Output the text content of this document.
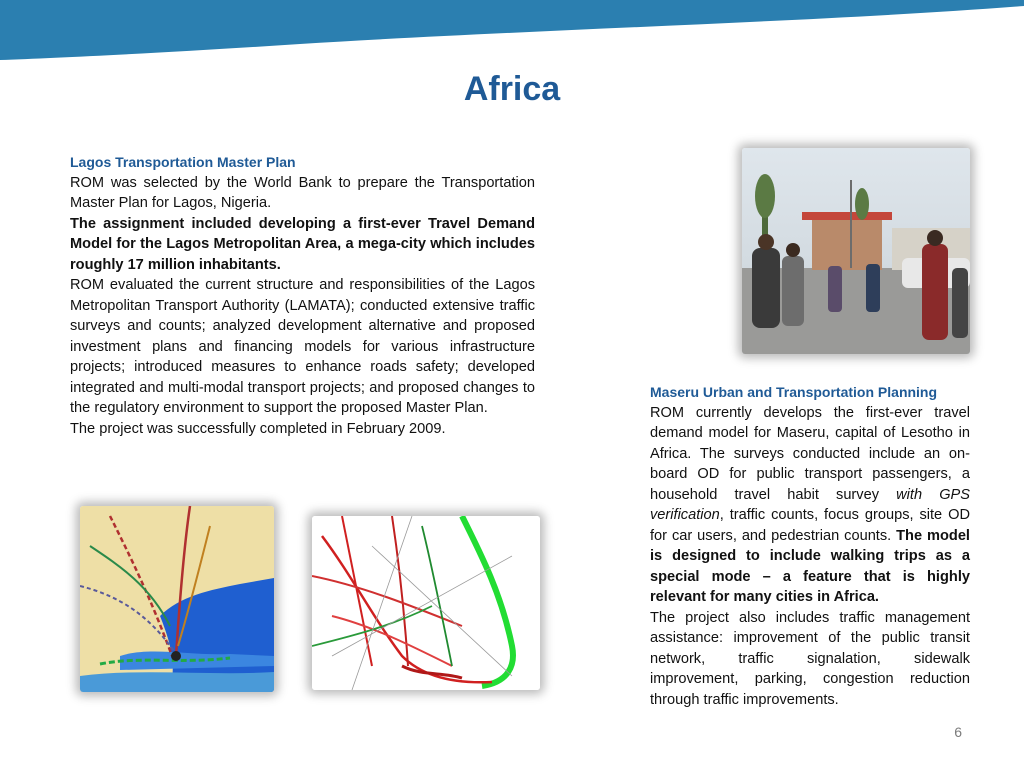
Africa

Lagos Transportation Master Plan

ROM was selected by the World Bank to prepare the Transportation Master Plan for Lagos, Nigeria.

The assignment included developing a first-ever Travel Demand Model for the Lagos Metropolitan Area, a mega-city which includes roughly 17 million inhabitants.

ROM evaluated the current structure and responsibilities of the Lagos Metropolitan Transport Authority (LAMATA); conducted extensive traffic surveys and counts; analyzed development alternative and proposed investment plans and financing models for various infrastructure projects; introduced measures to enhance roads safety; developed integrated and multi-modal transport projects; and proposed changes to the regulatory environment to support the proposed Master Plan.

The project was successfully completed in February 2009.

Maseru Urban and Transportation Planning

ROM currently develops the first-ever travel demand model for Maseru, capital of Lesotho in Africa. The surveys conducted include an on-board OD for public transport passengers, a household travel habit survey with GPS verification, traffic counts, focus groups, site OD for car users, and pedestrian counts. The model is designed to include walking trips as a special mode – a feature that is highly relevant for many cities in Africa.

The project also includes traffic management assistance: improvement of the public transit network, traffic signalation, sidewalk improvement, parking, congestion reduction through traffic improvements.

6
